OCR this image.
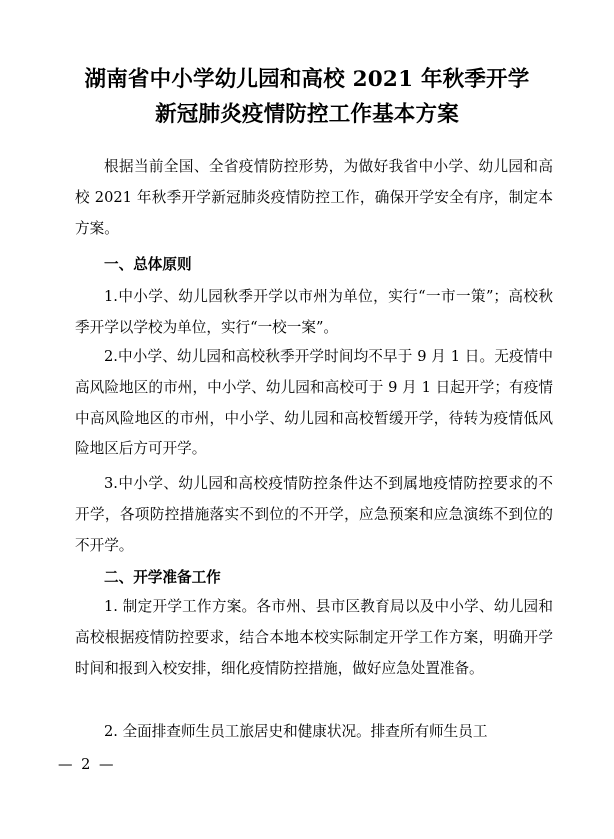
湖南省中小学幼儿园和高校 2021 年秋季开学
新冠肺炎疫情防控工作基本方案

根据当前全国、全省疫情防控形势，为做好我省中小学、幼儿园和高校 2021 年秋季开学新冠肺炎疫情防控工作，确保开学安全有序，制定本方案。

一、总体原则

1.中小学、幼儿园秋季开学以市州为单位，实行“一市一策”；高校秋季开学以学校为单位，实行“一校一案”。

2.中小学、幼儿园和高校秋季开学时间均不早于 9 月 1 日。无疫情中高风险地区的市州，中小学、幼儿园和高校可于 9 月 1 日起开学；有疫情中高风险地区的市州，中小学、幼儿园和高校暂缓开学，待转为疫情低风险地区后方可开学。

3.中小学、幼儿园和高校疫情防控条件达不到属地疫情防控要求的不开学，各项防控措施落实不到位的不开学，应急预案和应急演练不到位的不开学。

二、开学准备工作

1. 制定开学工作方案。各市州、县市区教育局以及中小学、幼儿园和高校根据疫情防控要求，结合本地本校实际制定开学工作方案，明确开学时间和报到入校安排，细化疫情防控措施，做好应急处置准备。

2. 全面排查师生员工旅居史和健康状况。排查所有师生员工

— 2 —
